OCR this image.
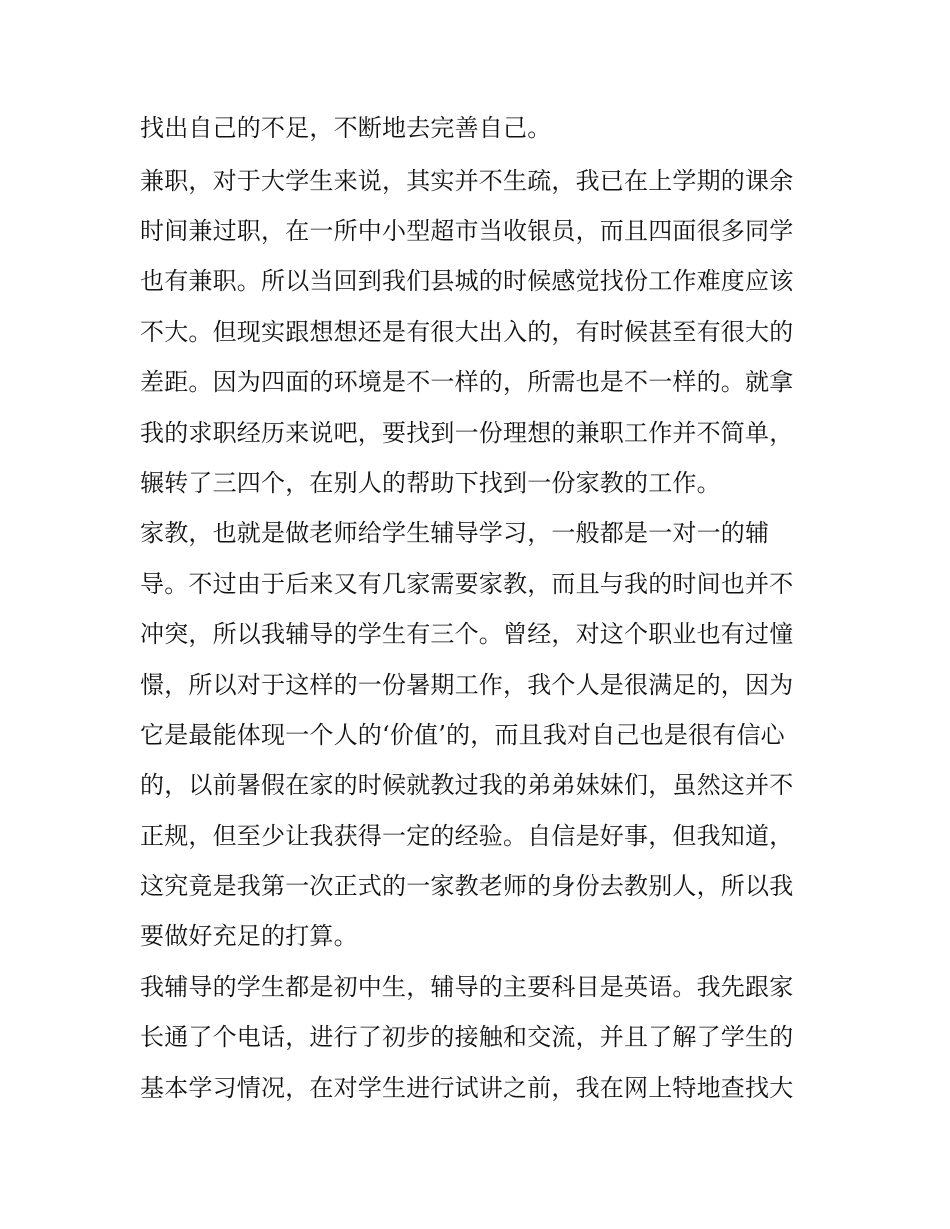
找出自己的不足，不断地去完善自己。

兼职，对于大学生来说，其实并不生疏，我已在上学期的课余

时间兼过职，在一所中小型超市当收银员，而且四面很多同学

也有兼职。所以当回到我们县城的时候感觉找份工作难度应该

不大。但现实跟想想还是有很大出入的，有时候甚至有很大的

差距。因为四面的环境是不一样的，所需也是不一样的。就拿

我的求职经历来说吧，要找到一份理想的兼职工作并不简单，

辗转了三四个，在别人的帮助下找到一份家教的工作。

家教，也就是做老师给学生辅导学习，一般都是一对一的辅

导。不过由于后来又有几家需要家教，而且与我的时间也并不

冲突，所以我辅导的学生有三个。曾经，对这个职业也有过憧

憬，所以对于这样的一份暑期工作，我个人是很满足的，因为

它是最能体现一个人的‘价值’的，而且我对自己也是很有信心

的，以前暑假在家的时候就教过我的弟弟妹妹们，虽然这并不

正规，但至少让我获得一定的经验。自信是好事，但我知道，

这究竟是我第一次正式的一家教老师的身份去教别人，所以我

要做好充足的打算。

我辅导的学生都是初中生，辅导的主要科目是英语。我先跟家

长通了个电话，进行了初步的接触和交流，并且了解了学生的

基本学习情况，在对学生进行试讲之前，我在网上特地查找大
